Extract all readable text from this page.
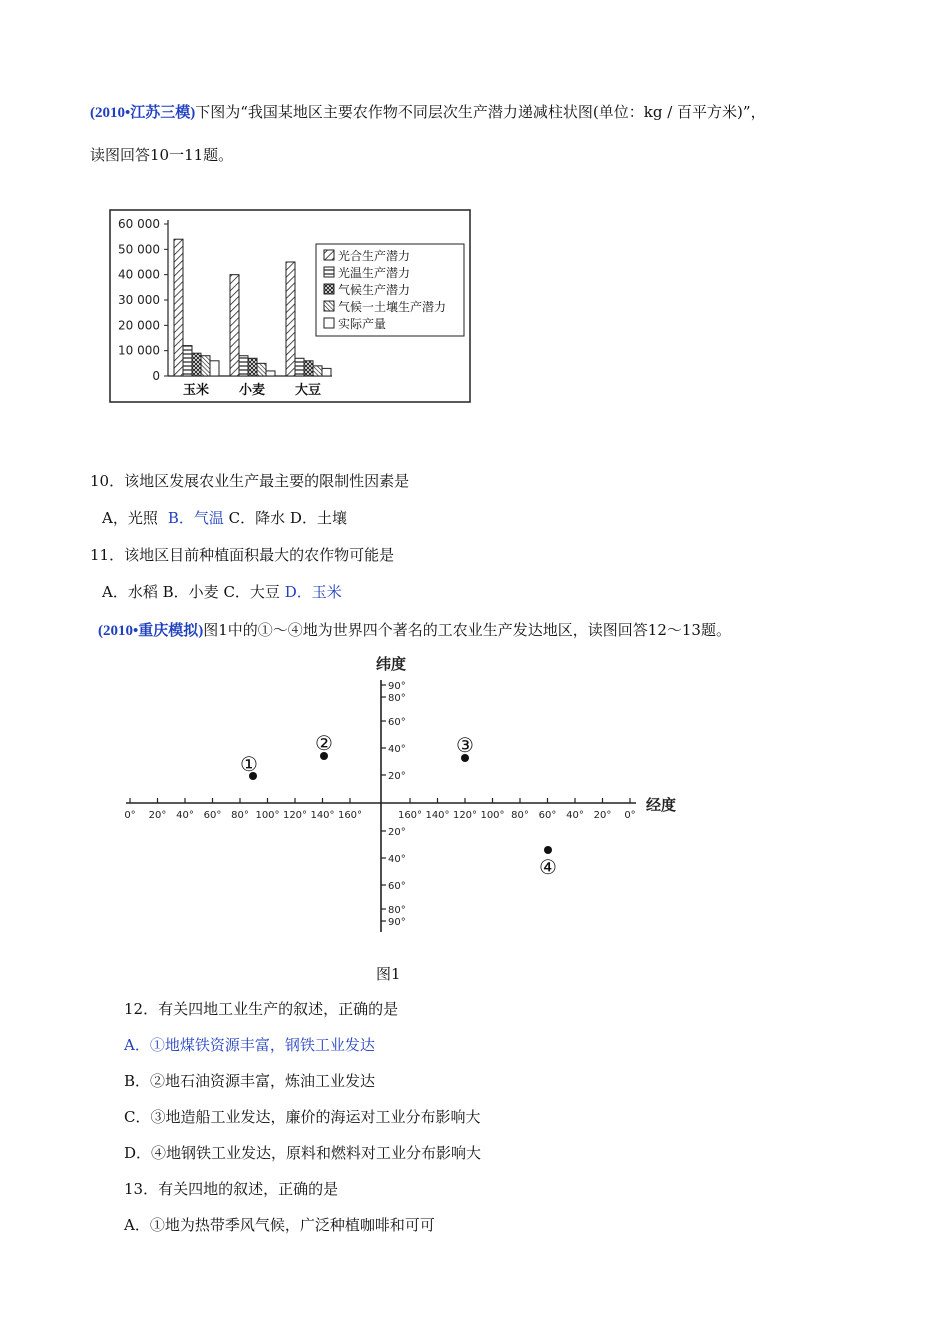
(2010•江苏三模)下图为“我国某地区主要农作物不同层次生产潜力递减柱状图(单位：kg / 百平方米)”，
读图回答10一11题。
60 000
50 000
40 000
30 000
20 000
10 000
0
玉米 小麦 大豆
光合生产潜力
光温生产潜力
气候生产潜力
气候一土壤生产潜力
实际产量
10．该地区发展农业生产最主要的限制性因素是
A，光照 B．气温 C．降水 D．土壤
11．该地区目前种植面积最大的农作物可能是
A．水稻 B．小麦 C．大豆 D．玉米
(2010•重庆模拟)图1中的①～④地为世界四个著名的工农业生产发达地区，读图回答12～13题。
纬度
经度
90°
80°
60°
40°
20°
20°
40°
60°
80°
90°
0° 20° 40° 60° 80° 100° 120° 140° 160°	160° 140° 120° 100° 80° 60° 40° 20° 0°
①
②	③
④
图1
12．有关四地工业生产的叙述，正确的是
A．①地煤铁资源丰富，钢铁工业发达
B．②地石油资源丰富，炼油工业发达
C．③地造船工业发达，廉价的海运对工业分布影响大
D．④地钢铁工业发达，原料和燃料对工业分布影响大
13．有关四地的叙述，正确的是
A．①地为热带季风气候，广泛种植咖啡和可可
